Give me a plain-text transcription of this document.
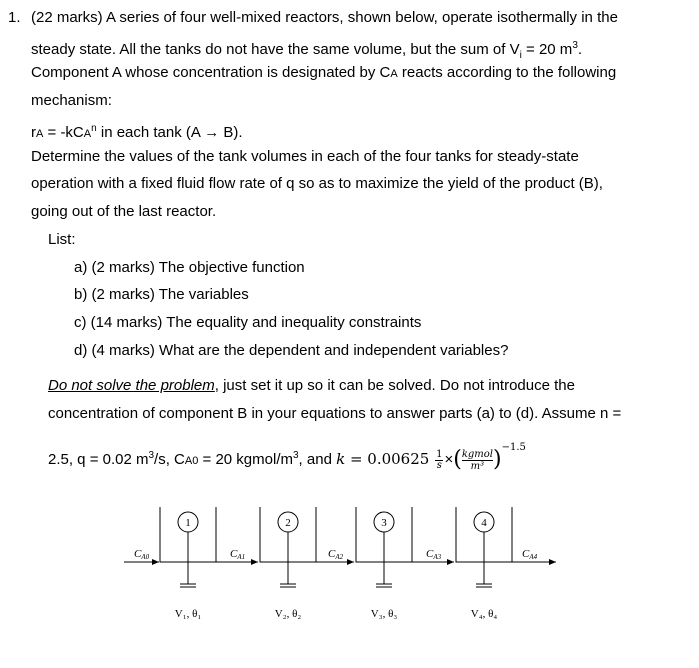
1. (22 marks) A series of four well-mixed reactors, shown below, operate isothermally in the
steady state. All the tanks do not have the same volume, but the sum of $V_i = 20$ $m^3$.
Component A whose concentration is designated by CA reacts according to the following
mechanism:
rA = -kCA$^n$ in each tank (A → B).
Determine the values of the tank volumes in each of the four tanks for steady-state
operation with a fixed fluid flow rate of q so as to maximize the yield of the product (B),
going out of the last reactor.
List:
a) (2 marks) The objective function
b) (2 marks) The variables
c) (14 marks) The equality and inequality constraints
d) (4 marks) What are the dependent and independent variables?
Do not solve the problem, just set it up so it can be solved. Do not introduce the
concentration of component B in your equations to answer parts (a) to (d). Assume n =
2.5, q = 0.02 $m^3/s$, CA0 = 20 kgmol/$m^3$, and $k = 0.00625 \frac{1}{s}$ ×( kgmol
m³ )$^{-1.5}$
1	2	3	4
CA0	CA1	CA2	CA3	CA4
V₁, θ₁	V₂, θ₂	V₃, θ₃	V₄, θ₄
